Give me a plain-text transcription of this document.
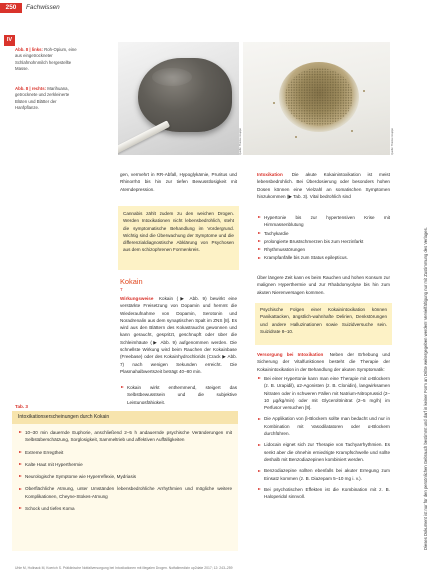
250	Fachwissen
IV

Abb. 8 | links: Roh-Opium, eine aus eingetrockneter Schlafmohnmilch hergestellte Masse.

Abb. 8 | rechts: Marihuana, getrocknete und zerkleinerte Blüten und Blätter der Hanfpflanze.

Quelle: Thieme Gruppe	Quelle: Thieme Gruppe

gen, vermehrt in RR-Abfall, Hypoglykämie, Pruritus und Rhinorrhö bis hin zur tiefen Bewusstlosigkeit mit Atemdepression.

Cannabis zählt zudem zu den weichen Drogen. Werden Intoxikationen nicht lebensbedrohlich, steht die symptomatische Behandlung im Vordergrund. Wichtig sind die Überwachung der Symptome und die differenzialdiagnostische Abklärung von Psychosen aus dem schizophrenen Formenkreis.

Kokain
T

Wirkungsweise Kokain (▶ Abb. 9) bewirkt eine verstärkte Freisetzung von Dopamin und hemmt die Wiederaufnahme von Dopamin, Serotonin und Noradrenalin aus dem synaptischen Spalt im ZNS [8]. Es wird aus den Blättern des Kokastrauchs gewonnen und kann geraucht, gespritzt, geschnupft oder über die Schleimhäute (▶ Abb. 9) aufgenommen werden. Die schnellste Wirkung wird beim Rauchen der Kokainbase (Freebase) oder des Kokainhydrochlorids (Crack ▶ Abb. 7) nach wenigen Sekunden erreicht. Die Plasmahalbwertszeit beträgt 40–80 min.

Kokain wirkt enthemmend, steigert das Selbstbewusstsein und die subjektive Leistungsfähigkeit.
Tab. 3
Intoxikationserscheinungen durch Kokain
10–30 min dauernde Euphorie, anschließend 2–5 h andauernde psychische Veränderungen mit Selbstüberschätzung, Sorglosigkeit, Sammeltrieb und affektiven Auffälligkeiten
Extreme Erregtheit
Kalte Haut mit Hyperthermie
Neurologische Symptome wie Hyperreflexie, Mydriasis
Oberflächliche Atmung, unter Umständen lebensbedrohliche Arrhythmien und mögliche weitere Komplikationen, Cheyne-Stokes-Atmung
Schock und tiefes Koma

Intoxikation Die akute Kokainintoxikation ist meist lebensbedrohlich. Bei Überdosierung oder besonders hohen Dosen können eine Vielzahl an somatischen Symptomen hinzukommen (▶ Tab. 3). Vital bedrohlich sind

Hypertonie bis zur hypertensiven Krise mit Hirnmassenblutung
Tachykardie
prolongierte Brustschmerzen bis zum Herzinfarkt
Rhythmusstörungen
Krampfanfälle bis zum Status epilepticus.

Über längere Zeit kann es beim Rauchen und hohen Konsum zur malignen Hyperthermie und zur Rhabdomyolyse bis hin zum akuten Nierenversagen kommen.

Psychische Folgen einer Kokainintoxikation können Panikattacken, ängstlich-wahnhafte Delirien, Denkstörungen und andere Halluzinationen sowie Suizidversuche sein. Suizidrate 8–10.

Versorgung bei Intoxikation Neben der Erhebung und Sicherung der Vitalfunktionen besteht die Therapie der Kokainintoxikation in der Behandlung der akuten Symptomatik:

Bei einer Hypertonie kann man eine Therapie mit α-Blockern (z. B. Urapidil), α2-Agonisten (z. B. Clonidin), langwirksamen Nitraten oder in schweren Fällen mit Natrium-Nitroprussid (2–10 µg/kg/min) oder mit Glyceroltrinitrat (2–5 mg/h) im Perfusor versuchen [8].
Die Applikation von β-Blockern sollte man bedacht und nur in Kombination mit Vasodilatatoren oder α-Blockern durchführen.
Lidocain eignet sich zur Therapie von Tachyarrhythmien. Es senkt aber die ohnehin erniedrigte Krampfschwelle und sollte deshalb mit Benzodiazepinen kombiniert werden.
Benzodiazepine sollten ebenfalls bei akuter Erregung zum Einsatz kommen (z. B. Diazepam 5–10 mg i. v.).
Bei psychotischen Effekten ist die Kombination mit z. B. Haloperidol sinnvoll.
Uhle M, Hollnack M, Koerich S. Präklinische Notfallversorgung bei Intoxikationen mit illegalen Drogen. Notfallmedizin up2date 2017; 12: 243–259
Dieses Dokument ist nur für den persönlichen Gebrauch bestimmt und darf in keiner Form an Dritte weitergegeben werden! Vervielfältigung nur mit Zustimmung des Verlages.
